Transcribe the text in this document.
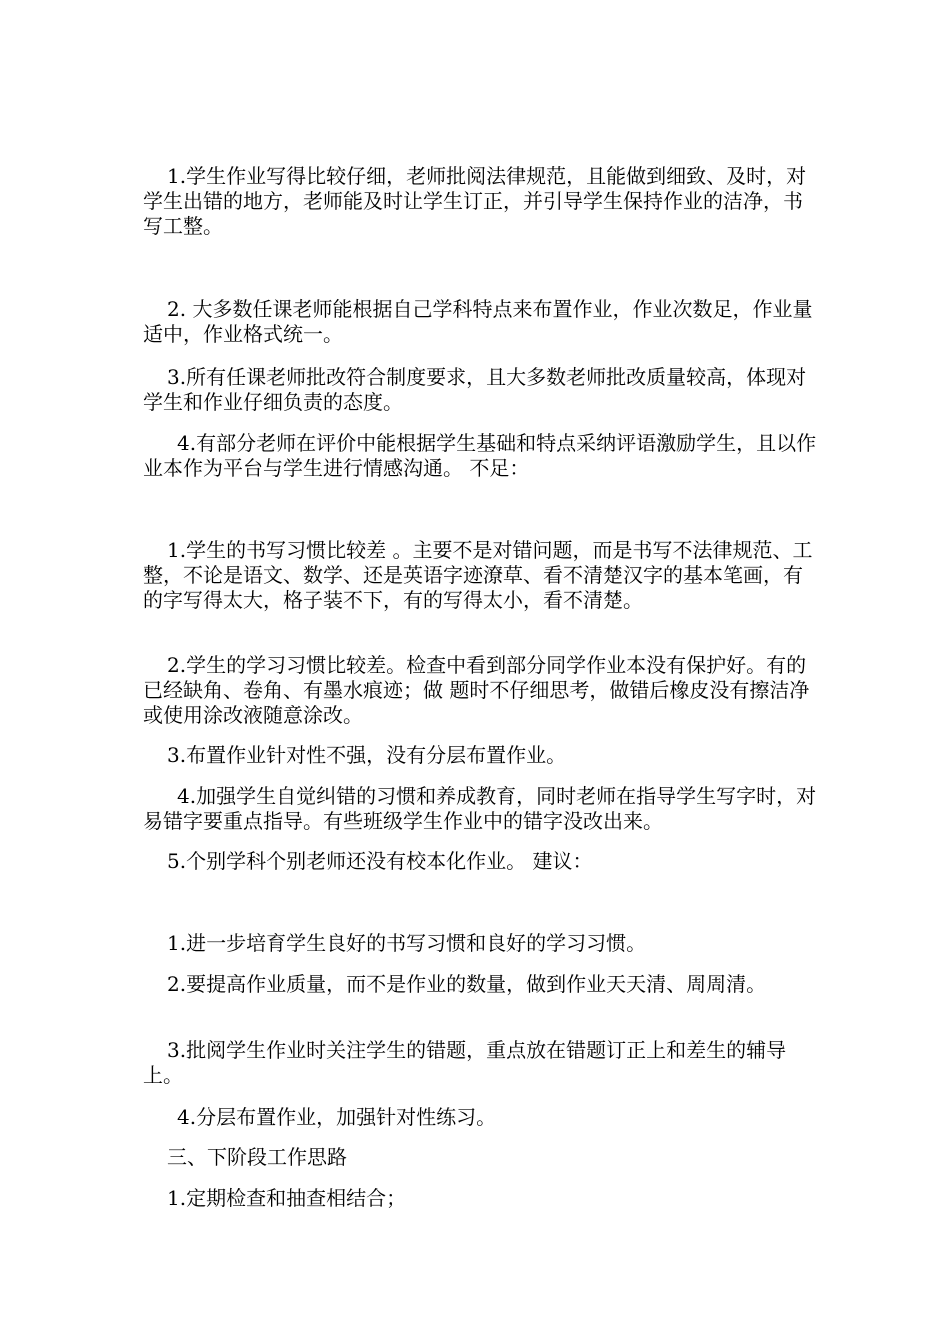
1.学生作业写得比较仔细，老师批阅法律规范，且能做到细致、及时，对学生出错的地方，老师能及时让学生订正，并引导学生保持作业的洁净，书写工整。

2. 大多数任课老师能根据自己学科特点来布置作业，作业次数足，作业量适中，作业格式统一。

3.所有任课老师批改符合制度要求，且大多数老师批改质量较高，体现对学生和作业仔细负责的态度。

4.有部分老师在评价中能根据学生基础和特点采纳评语激励学生，且以作业本作为平台与学生进行情感沟通。 不足：

1.学生的书写习惯比较差 。主要不是对错问题，而是书写不法律规范、工整，不论是语文、数学、还是英语字迹潦草、看不清楚汉字的基本笔画，有的字写得太大，格子装不下，有的写得太小，看不清楚。

2.学生的学习习惯比较差。检查中看到部分同学作业本没有保护好。有的已经缺角、卷角、有墨水痕迹；做 题时不仔细思考，做错后橡皮没有擦洁净或使用涂改液随意涂改。

3.布置作业针对性不强，没有分层布置作业。

4.加强学生自觉纠错的习惯和养成教育，同时老师在指导学生写字时，对易错字要重点指导。有些班级学生作业中的错字没改出来。

5.个别学科个别老师还没有校本化作业。 建议：

1.进一步培育学生良好的书写习惯和良好的学习习惯。

2.要提高作业质量，而不是作业的数量，做到作业天天清、周周清。

3.批阅学生作业时关注学生的错题，重点放在错题订正上和差生的辅导上。

4.分层布置作业，加强针对性练习。

三、下阶段工作思路

1.定期检查和抽查相结合；
